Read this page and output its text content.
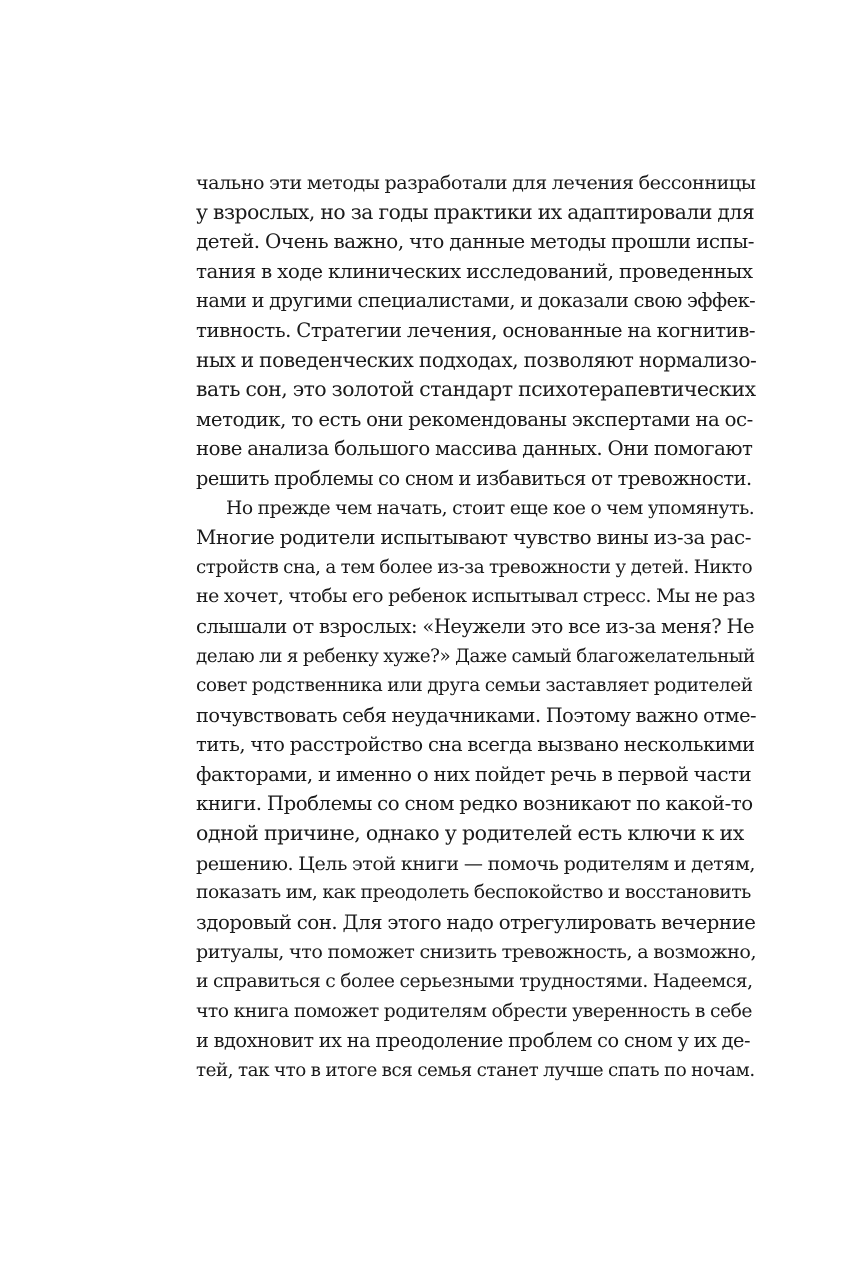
чально эти методы разработали для лечения бессонницы
у взрослых, но за годы практики их адаптировали для
детей. Очень важно, что данные методы прошли испы-
тания в ходе клинических исследований, проведенных
нами и другими специалистами, и доказали свою эффек-
тивность. Стратегии лечения, основанные на когнитив-
ных и поведенческих подходах, позволяют нормализо-
вать сон, это золотой стандарт психотерапевтических
методик, то есть они рекомендованы экспертами на ос-
нове анализа большого массива данных. Они помогают
решить проблемы со сном и избавиться от тревожности.
Но прежде чем начать, стоит еще кое о чем упомянуть.
Многие родители испытывают чувство вины из-за рас-
стройств сна, а тем более из-за тревожности у детей. Никто
не хочет, чтобы его ребенок испытывал стресс. Мы не раз
слышали от взрослых: «Неужели это все из-за меня? Не
делаю ли я ребенку хуже?» Даже самый благожелательный
совет родственника или друга семьи заставляет родителей
почувствовать себя неудачниками. Поэтому важно отме-
тить, что расстройство сна всегда вызвано несколькими
факторами, и именно о них пойдет речь в первой части
книги. Проблемы со сном редко возникают по какой-то
одной причине, однако у родителей есть ключи к их
решению. Цель этой книги — помочь родителям и детям,
показать им, как преодолеть беспокойство и восстановить
здоровый сон. Для этого надо отрегулировать вечерние
ритуалы, что поможет снизить тревожность, а возможно,
и справиться с более серьезными трудностями. Надеемся,
что книга поможет родителям обрести уверенность в себе
и вдохновит их на преодоление проблем со сном у их де-
тей, так что в итоге вся семья станет лучше спать по ночам.
